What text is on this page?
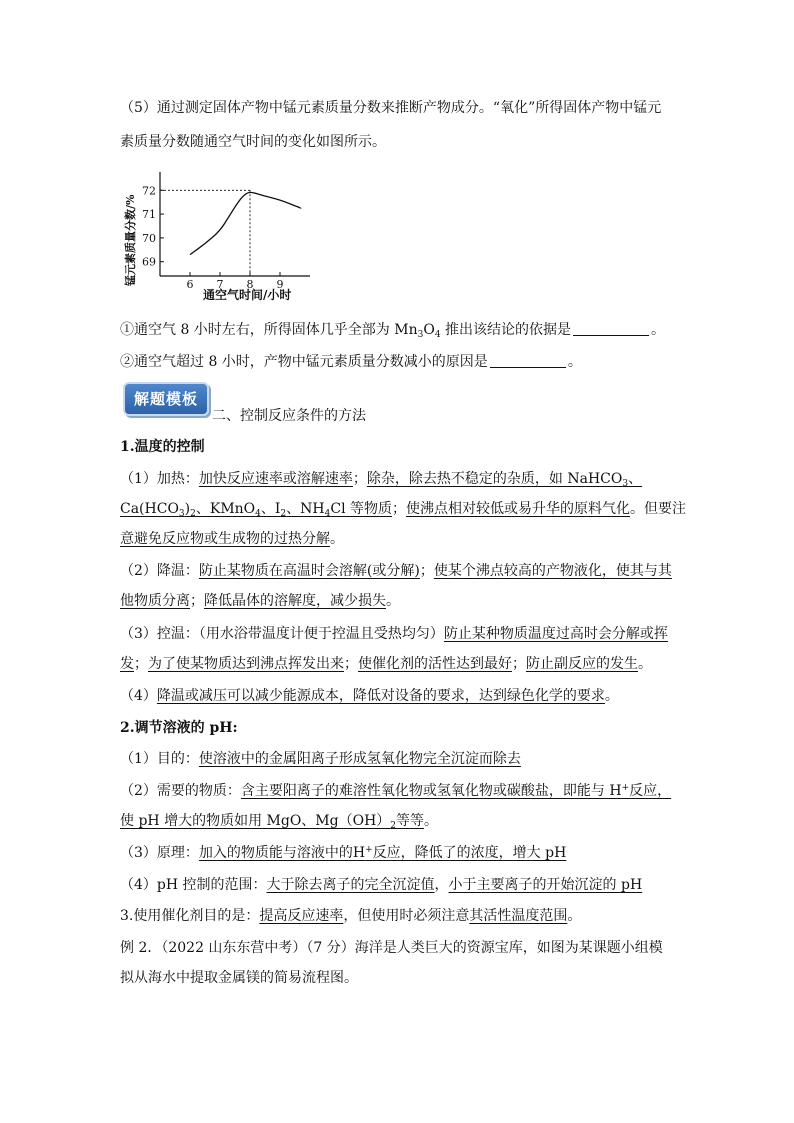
（5）通过测定固体产物中锰元素质量分数来推断产物成分。“氧化”所得固体产物中锰元
素质量分数随通空气时间的变化如图所示。
6 7 8 9
69
70
71
72
通空气时间/小时
锰元素质量分数/%
①通空气 8 小时左右，所得固体几乎全部为 $Mn_3O_4$ 推出该结论的依据是	。
②通空气超过 8 小时，产物中锰元素质量分数减小的原因是	。
解题模板
二、控制反应条件的方法
1.温度的控制
（1）加热：加快反应速率或溶解速率；除杂，除去热不稳定的杂质，如 NaHCO$_3$、
$Ca(HCO_3)_2$、KMnO$_4$、$I_2$、$NH_4Cl$ 等物质；使沸点相对较低或易升华的原料气化。但要注
意避免反应物或生成物的过热分解。
（2）降温：防止某物质在高温时会溶解(或分解)；使某个沸点较高的产物液化，使其与其
他物质分离；降低晶体的溶解度，减少损失。
（3）控温：（用水浴带温度计便于控温且受热均匀）防止某种物质温度过高时会分解或挥
发；为了使某物质达到沸点挥发出来；使催化剂的活性达到最好；防止副反应的发生。
（4）降温或减压可以减少能源成本，降低对设备的要求，达到绿色化学的要求。
2.调节溶液的 pH:
（1）目的：使溶液中的金属阳离子形成氢氧化物完全沉淀而除去
（2）需要的物质：含主要阳离子的难溶性氧化物或氢氧化物或碳酸盐，即能与 H+反应，
使 pH 增大的物质如用 MgO、$Mg(OH)_2$等等。
（3）原理：加入的物质能与溶液中的H+反应，降低了的浓度，增大 pH
（4）pH 控制的范围：大于除去离子的完全沉淀值，小于主要离子的开始沉淀的 pH
3.使用催化剂目的是：提高反应速率，但使用时必须注意其活性温度范围。
例 2．（2022 山东东营中考）（7 分）海洋是人类巨大的资源宝库，如图为某课题小组模
拟从海水中提取金属镁的简易流程图。
